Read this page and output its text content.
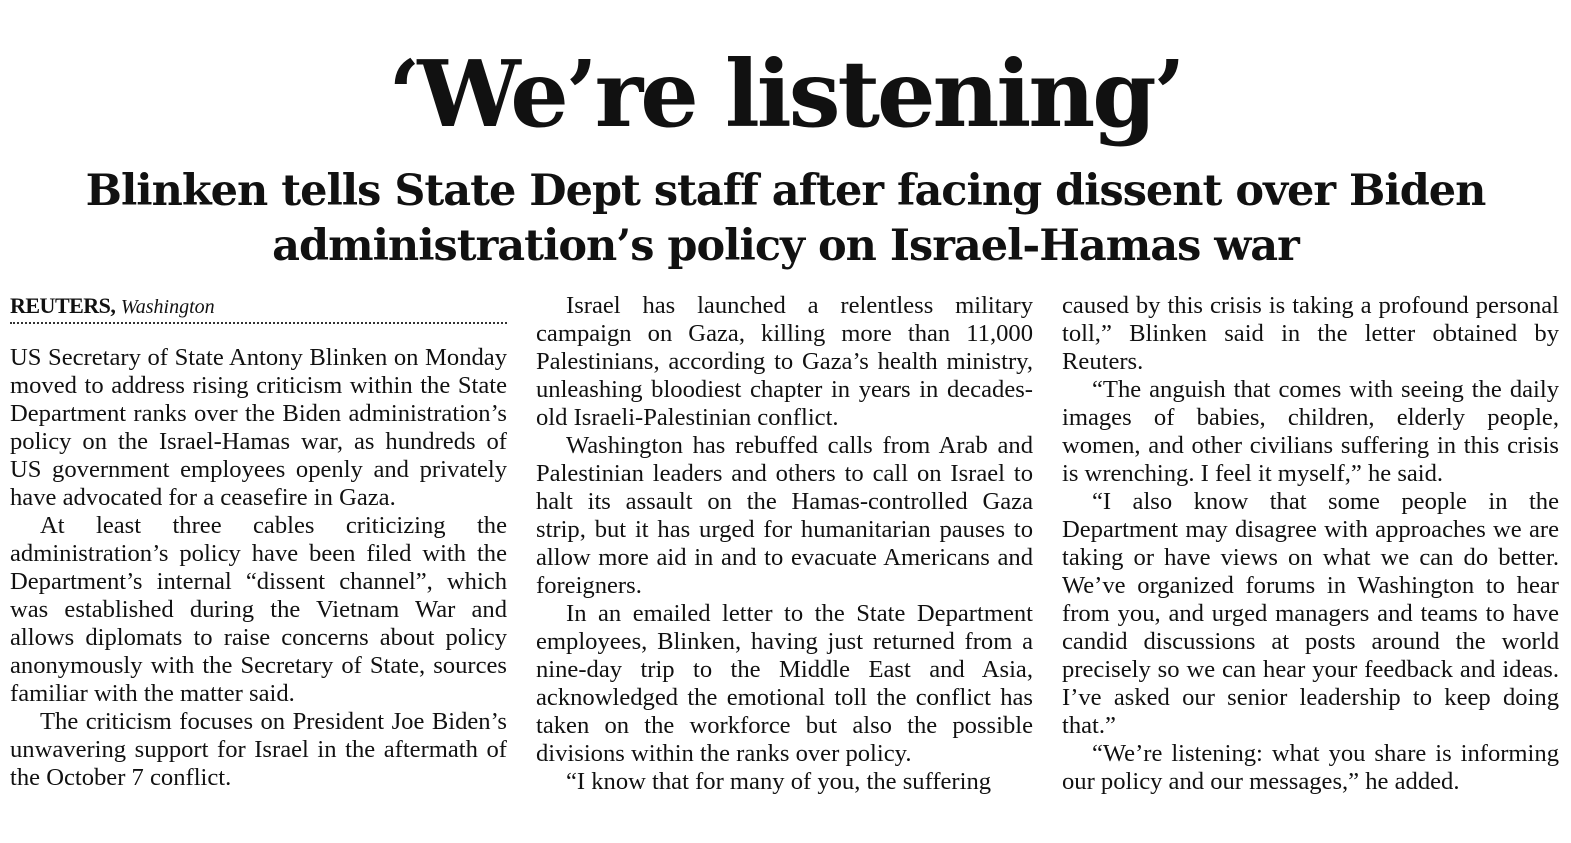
‘We’re listening’
Blinken tells State Dept staff after facing dissent over Biden
administration’s policy on Israel-Hamas war
REUTERS, Washington

US Secretary of State Antony Blinken on Monday moved to address rising criticism within the State Department ranks over the Biden administration’s policy on the Israel-Hamas war, as hundreds of US government employees openly and privately have advocated for a ceasefire in Gaza.

At least three cables criticizing the administration’s policy have been filed with the Department’s internal “dissent channel”, which was established during the Vietnam War and allows diplomats to raise concerns about policy anonymously with the Secretary of State, sources familiar with the matter said.

The criticism focuses on President Joe Biden’s unwavering support for Israel in the aftermath of the October 7 conflict.

Israel has launched a relentless military campaign on Gaza, killing more than 11,000 Palestinians, according to Gaza’s health ministry, unleashing bloodiest chapter in years in decades-old Israeli-Palestinian conflict.

Washington has rebuffed calls from Arab and Palestinian leaders and others to call on Israel to halt its assault on the Hamas-controlled Gaza strip, but it has urged for humanitarian pauses to allow more aid in and to evacuate Americans and foreigners.

In an emailed letter to the State Department employees, Blinken, having just returned from a nine-day trip to the Middle East and Asia, acknowledged the emotional toll the conflict has taken on the workforce but also the possible divisions within the ranks over policy.

“I know that for many of you, the suffering

caused by this crisis is taking a profound personal toll,” Blinken said in the letter obtained by Reuters.

“The anguish that comes with seeing the daily images of babies, children, elderly people, women, and other civilians suffering in this crisis is wrenching. I feel it myself,” he said.

“I also know that some people in the Department may disagree with approaches we are taking or have views on what we can do better. We’ve organized forums in Washington to hear from you, and urged managers and teams to have candid discussions at posts around the world precisely so we can hear your feedback and ideas. I’ve asked our senior leadership to keep doing that.”

“We’re listening: what you share is informing our policy and our messages,” he added.
